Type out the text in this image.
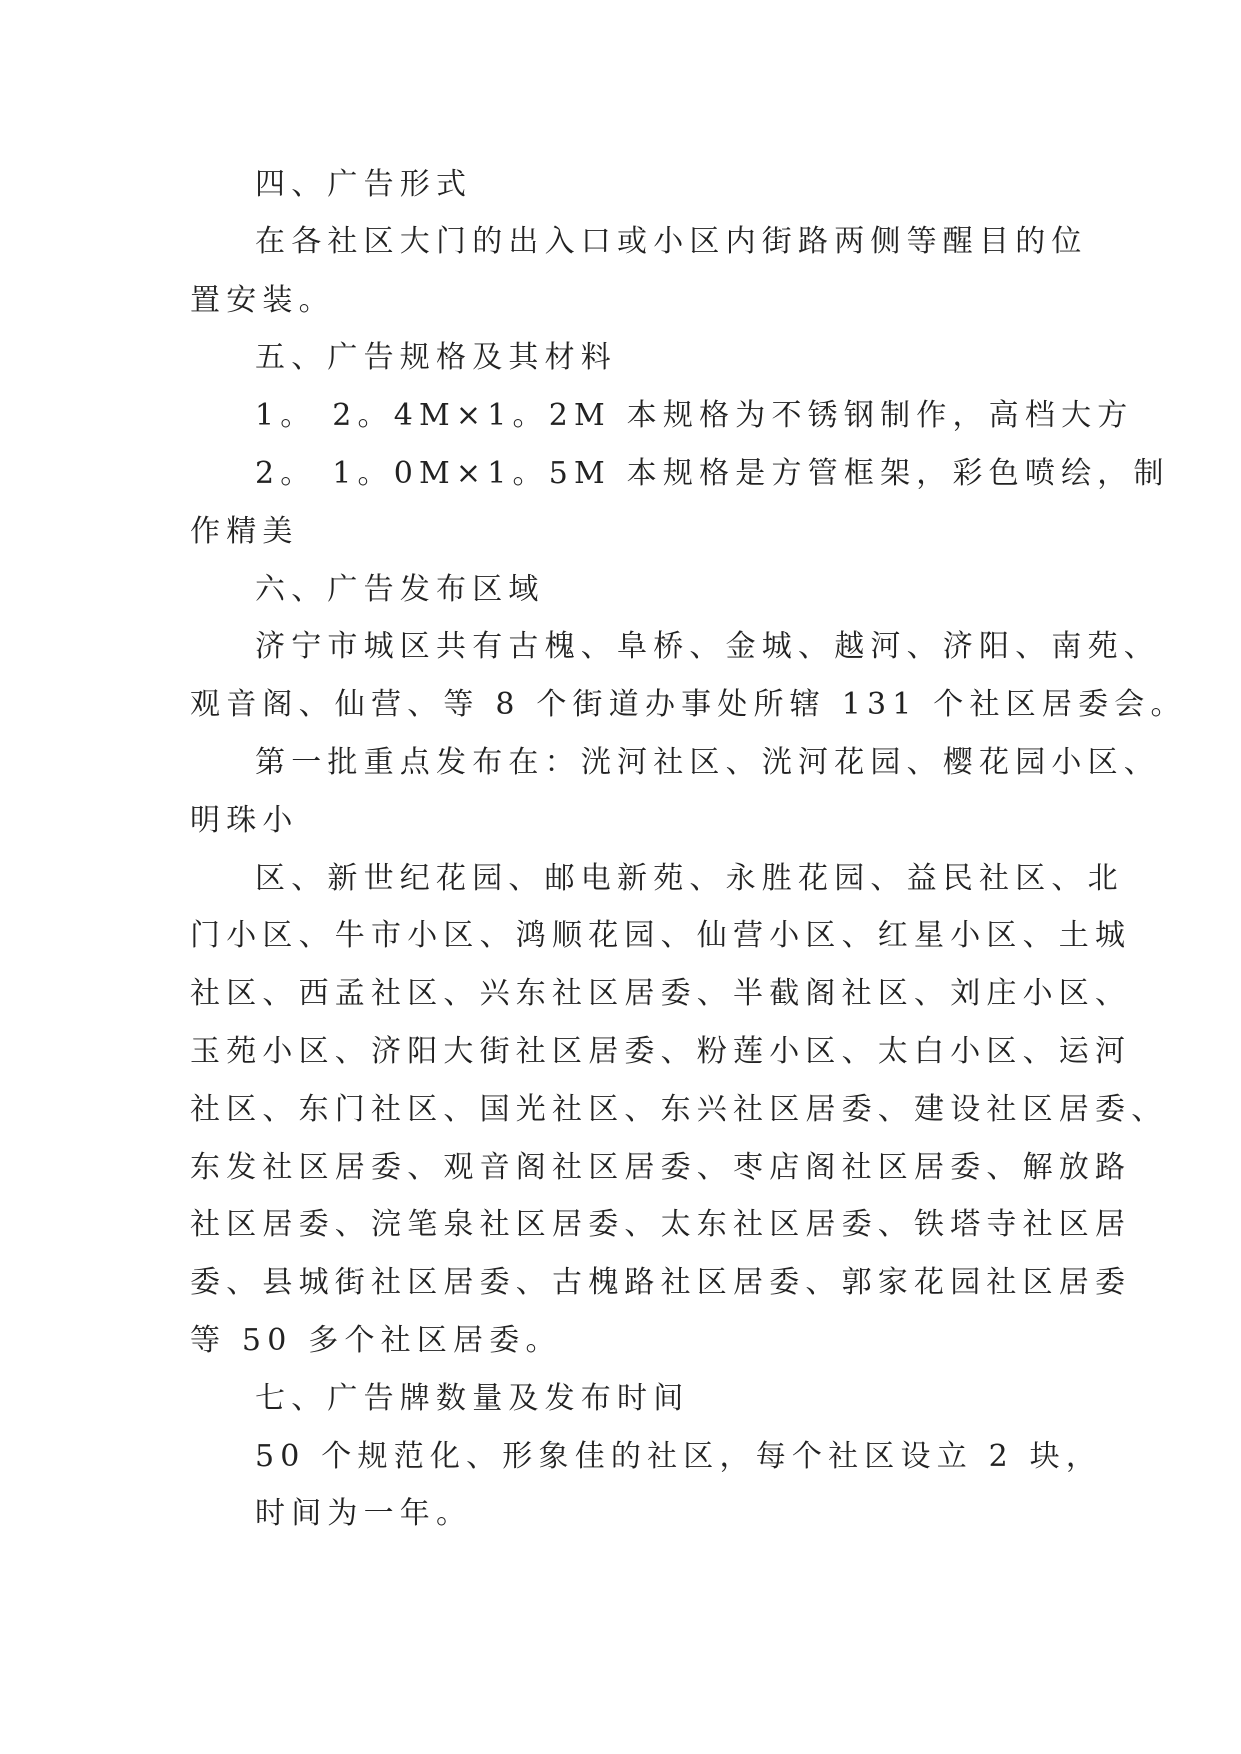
四、广告形式
在各社区大门的出入口或小区内街路两侧等醒目的位
置安装。
五、广告规格及其材料
1。 2。4M×1。2M 本规格为不锈钢制作，高档大方
2。 1。0M×1。5M 本规格是方管框架，彩色喷绘，制
作精美
六、广告发布区域
济宁市城区共有古槐、阜桥、金城、越河、济阳、南苑、
观音阁、仙营、等 8 个街道办事处所辖 131 个社区居委会。
第一批重点发布在：洸河社区、洸河花园、樱花园小区、
明珠小
区、新世纪花园、邮电新苑、永胜花园、益民社区、北
门小区、牛市小区、鸿顺花园、仙营小区、红星小区、土城
社区、西孟社区、兴东社区居委、半截阁社区、刘庄小区、
玉苑小区、济阳大街社区居委、粉莲小区、太白小区、运河
社区、东门社区、国光社区、东兴社区居委、建设社区居委、
东发社区居委、观音阁社区居委、枣店阁社区居委、解放路
社区居委、浣笔泉社区居委、太东社区居委、铁塔寺社区居
委、县城街社区居委、古槐路社区居委、郭家花园社区居委
等 50 多个社区居委。
七、广告牌数量及发布时间
50 个规范化、形象佳的社区，每个社区设立 2 块，
时间为一年。
